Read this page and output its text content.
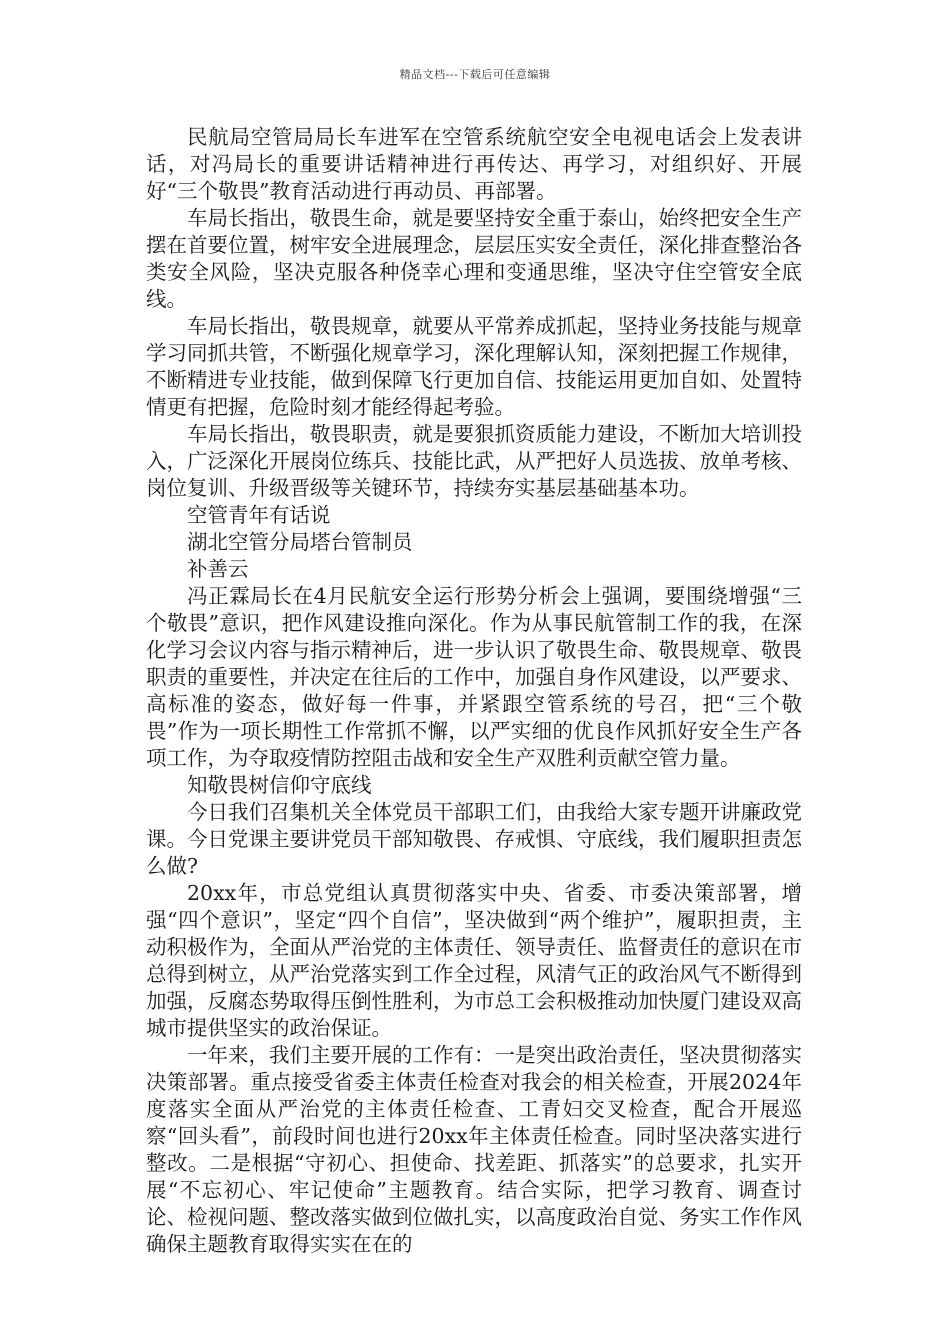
精品文档---下载后可任意编辑

民航局空管局局长车进军在空管系统航空安全电视电话会上发表讲话，对冯局长的重要讲话精神进行再传达、再学习，对组织好、开展好“三个敬畏”教育活动进行再动员、再部署。

车局长指出，敬畏生命，就是要坚持安全重于泰山，始终把安全生产摆在首要位置，树牢安全进展理念，层层压实安全责任，深化排查整治各类安全风险，坚决克服各种侥幸心理和变通思维，坚决守住空管安全底线。

车局长指出，敬畏规章，就要从平常养成抓起，坚持业务技能与规章学习同抓共管，不断强化规章学习，深化理解认知，深刻把握工作规律，不断精进专业技能，做到保障飞行更加自信、技能运用更加自如、处置特情更有把握，危险时刻才能经得起考验。

车局长指出，敬畏职责，就是要狠抓资质能力建设，不断加大培训投入，广泛深化开展岗位练兵、技能比武，从严把好人员选拔、放单考核、岗位复训、升级晋级等关键环节，持续夯实基层基础基本功。

空管青年有话说

湖北空管分局塔台管制员

补善云

冯正霖局长在4月民航安全运行形势分析会上强调，要围绕增强“三个敬畏”意识，把作风建设推向深化。作为从事民航管制工作的我，在深化学习会议内容与指示精神后，进一步认识了敬畏生命、敬畏规章、敬畏职责的重要性，并决定在往后的工作中，加强自身作风建设，以严要求、高标准的姿态，做好每一件事，并紧跟空管系统的号召，把“三个敬畏”作为一项长期性工作常抓不懈，以严实细的优良作风抓好安全生产各项工作，为夺取疫情防控阻击战和安全生产双胜利贡献空管力量。

知敬畏树信仰守底线

今日我们召集机关全体党员干部职工们，由我给大家专题开讲廉政党课。今日党课主要讲党员干部知敬畏、存戒惧、守底线，我们履职担责怎么做?

20xx年，市总党组认真贯彻落实中央、省委、市委决策部署，增强“四个意识”，坚定“四个自信”，坚决做到“两个维护”，履职担责，主动积极作为，全面从严治党的主体责任、领导责任、监督责任的意识在市总得到树立，从严治党落实到工作全过程，风清气正的政治风气不断得到加强，反腐态势取得压倒性胜利，为市总工会积极推动加快厦门建设双高城市提供坚实的政治保证。

一年来，我们主要开展的工作有：一是突出政治责任，坚决贯彻落实决策部署。重点接受省委主体责任检查对我会的相关检查，开展2024年度落实全面从严治党的主体责任检查、工青妇交叉检查，配合开展巡察“回头看”，前段时间也进行20xx年主体责任检查。同时坚决落实进行整改。二是根据“守初心、担使命、找差距、抓落实”的总要求，扎实开展“不忘初心、牢记使命”主题教育。结合实际，把学习教育、调查讨论、检视问题、整改落实做到位做扎实，以高度政治自觉、务实工作作风确保主题教育取得实实在在的
